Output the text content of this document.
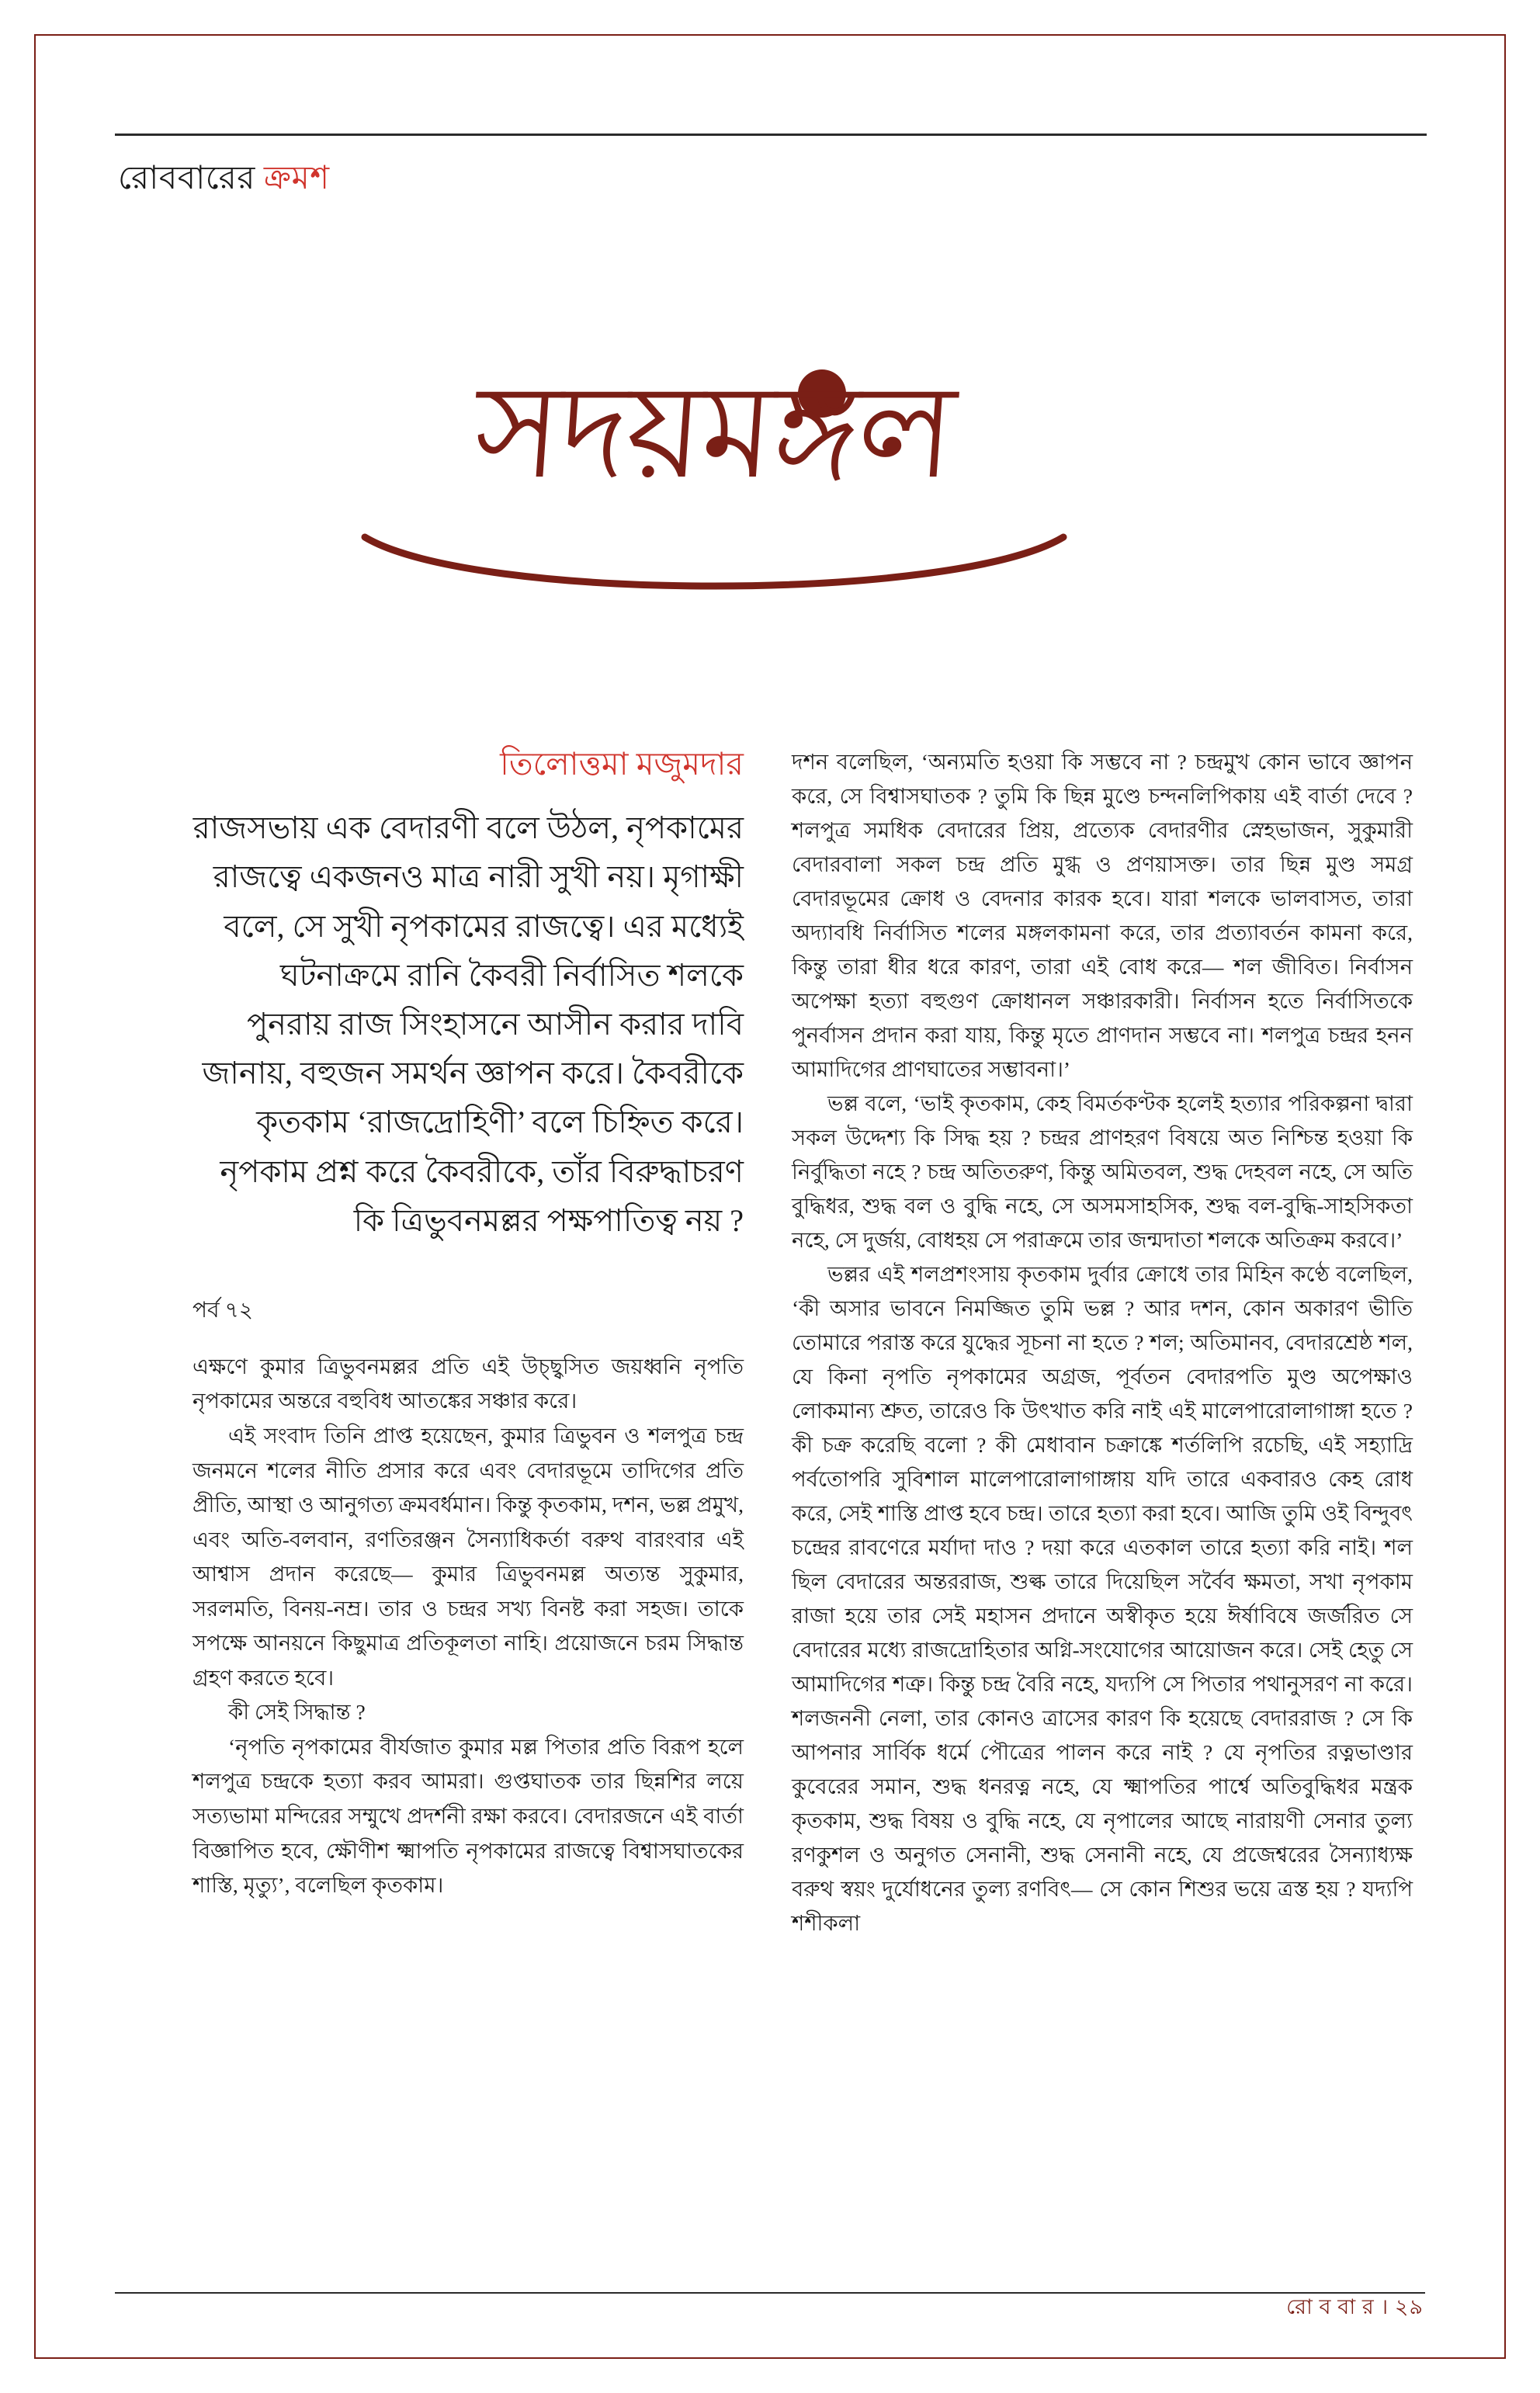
রোববারের ক্রমশ
সদয়মঙ্গল
তিলোত্তমা মজুমদার
রাজসভায় এক বেদারণী বলে উঠল, নৃপকামের রাজত্বে একজনও মাত্র নারী সুখী নয়। মৃগাক্ষী বলে, সে সুখী নৃপকামের রাজত্বে। এর মধ্যেই ঘটনাক্রমে রানি কৈবরী নির্বাসিত শলকে পুনরায় রাজ সিংহাসনে আসীন করার দাবি জানায়, বহুজন সমর্থন জ্ঞাপন করে। কৈবরীকে কৃতকাম ‘রাজদ্রোহিণী’ বলে চিহ্নিত করে। নৃপকাম প্রশ্ন করে কৈবরীকে, তাঁর বিরুদ্ধাচরণ কি ত্রিভুবনমল্লর পক্ষপাতিত্ব নয় ?
পর্ব ৭২

এক্ষণে কুমার ত্রিভুবনমল্লর প্রতি এই উচ্ছ্বসিত জয়ধ্বনি নৃপতি নৃপকামের অন্তরে বহুবিধ আতঙ্কের সঞ্চার করে।

এই সংবাদ তিনি প্রাপ্ত হয়েছেন, কুমার ত্রিভুবন ও শলপুত্র চন্দ্র জনমনে শলের নীতি প্রসার করে এবং বেদারভূমে তাদিগের প্রতি প্রীতি, আস্থা ও আনুগত্য ক্রমবর্ধমান। কিন্তু কৃতকাম, দশন, ভল্ল প্রমুখ, এবং অতি-বলবান, রণতিরঞ্জন সৈন্যাধিকর্তা বরুথ বারংবার এই আশ্বাস প্রদান করেছে— কুমার ত্রিভুবনমল্ল অত্যন্ত সুকুমার, সরলমতি, বিনয়-নম্র। তার ও চন্দ্রর সখ্য বিনষ্ট করা সহজ। তাকে সপক্ষে আনয়নে কিছুমাত্র প্রতিকূলতা নাহি। প্রয়োজনে চরম সিদ্ধান্ত গ্রহণ করতে হবে।

কী সেই সিদ্ধান্ত ?

‘নৃপতি নৃপকামের বীর্যজাত কুমার মল্ল পিতার প্রতি বিরূপ হলে শলপুত্র চন্দ্রকে হত্যা করব আমরা। গুপ্তঘাতক তার ছিন্নশির লয়ে সত্যভামা মন্দিরের সম্মুখে প্রদর্শনী রক্ষা করবে। বেদারজনে এই বার্তা বিজ্ঞাপিত হবে, ক্ষৌণীশ ক্ষ্মাপতি নৃপকামের রাজত্বে বিশ্বাসঘাতকের শাস্তি, মৃত্যু’, বলেছিল কৃতকাম।

দশন বলেছিল, ‘অন্যমতি হওয়া কি সম্ভবে না ? চন্দ্রমুখ কোন ভাবে জ্ঞাপন করে, সে বিশ্বাসঘাতক ? তুমি কি ছিন্ন মুণ্ডে চন্দনলিপিকায় এই বার্তা দেবে ? শলপুত্র সমধিক বেদারের প্রিয়, প্রত্যেক বেদারণীর স্নেহভাজন, সুকুমারী বেদারবালা সকল চন্দ্র প্রতি মুগ্ধ ও প্রণয়াসক্ত। তার ছিন্ন মুণ্ড সমগ্র বেদারভূমের ক্রোধ ও বেদনার কারক হবে। যারা শলকে ভালবাসত, তারা অদ্যাবধি নির্বাসিত শলের মঙ্গলকামনা করে, তার প্রত্যাবর্তন কামনা করে, কিন্তু তারা ধীর ধরে কারণ, তারা এই বোধ করে— শল জীবিত। নির্বাসন অপেক্ষা হত্যা বহুগুণ ক্রোধানল সঞ্চারকারী। নির্বাসন হতে নির্বাসিতকে পুনর্বাসন প্রদান করা যায়, কিন্তু মৃতে প্রাণদান সম্ভবে না। শলপুত্র চন্দ্রর হনন আমাদিগের প্রাণঘাতের সম্ভাবনা।’

ভল্ল বলে, ‘ভাই কৃতকাম, কেহ বিমর্তকণ্টক হলেই হত্যার পরিকল্পনা দ্বারা সকল উদ্দেশ্য কি সিদ্ধ হয় ? চন্দ্রর প্রাণহরণ বিষয়ে অত নিশ্চিন্ত হওয়া কি নির্বুদ্ধিতা নহে ? চন্দ্র অতিতরুণ, কিন্তু অমিতবল, শুদ্ধ দেহবল নহে, সে অতি বুদ্ধিধর, শুদ্ধ বল ও বুদ্ধি নহে, সে অসমসাহসিক, শুদ্ধ বল-বুদ্ধি-সাহসিকতা নহে, সে দুর্জয়, বোধহয় সে পরাক্রমে তার জন্মদাতা শলকে অতিক্রম করবে।’

ভল্লর এই শলপ্রশংসায় কৃতকাম দুর্বার ক্রোধে তার মিহিন কণ্ঠে বলেছিল, ‘কী অসার ভাবনে নিমজ্জিত তুমি ভল্ল ? আর দশন, কোন অকারণ ভীতি তোমারে পরাস্ত করে যুদ্ধের সূচনা না হতে ? শল; অতিমানব, বেদারশ্রেষ্ঠ শল, যে কিনা নৃপতি নৃপকামের অগ্রজ, পূর্বতন বেদারপতি মুণ্ড অপেক্ষাও লোকমান্য শ্রুত, তারেও কি উৎখাত করি নাই এই মালেপারোলাগাঙ্গা হতে ? কী চক্র করেছি বলো ? কী মেধাবান চক্রাঙ্কে শর্তলিপি রচেছি, এই সহ্যাদ্রি পর্বতোপরি সুবিশাল মালেপারোলাগাঙ্গায় যদি তারে একবারও কেহ রোধ করে, সেই শাস্তি প্রাপ্ত হবে চন্দ্র। তারে হত্যা করা হবে। আজি তুমি ওই বিন্দুবৎ চন্দ্রের রাবণেরে মর্যাদা দাও ? দয়া করে এতকাল তারে হত্যা করি নাই। শল ছিল বেদারের অন্তররাজ, শুল্ক তারে দিয়েছিল সর্বৈব ক্ষমতা, সখা নৃপকাম রাজা হয়ে তার সেই মহাসন প্রদানে অস্বীকৃত হয়ে ঈর্ষাবিষে জর্জরিত সে বেদারের মধ্যে রাজদ্রোহিতার অগ্নি-সংযোগের আয়োজন করে। সেই হেতু সে আমাদিগের শত্রু। কিন্তু চন্দ্র বৈরি নহে, যদ্যপি সে পিতার পথানুসরণ না করে। শলজননী নেলা, তার কোনও ত্রাসের কারণ কি হয়েছে বেদাররাজ ? সে কি আপনার সার্বিক ধর্মে পৌত্রের পালন করে নাই ? যে নৃপতির রত্নভাণ্ডার কুবেরের সমান, শুদ্ধ ধনরত্ন নহে, যে ক্ষ্মাপতির পার্শ্বে অতিবুদ্ধিধর মন্ত্রক কৃতকাম, শুদ্ধ বিষয় ও বুদ্ধি নহে, যে নৃপালের আছে নারায়ণী সেনার তুল্য রণকুশল ও অনুগত সেনানী, শুদ্ধ সেনানী নহে, যে প্রজেশ্বরের সৈন্যাধ্যক্ষ বরুথ স্বয়ং দুর্যোধনের তুল্য রণবিৎ— সে কোন শিশুর ভয়ে ত্রস্ত হয় ? যদ্যপি শশীকলা

রো ব বা র । ২৯
